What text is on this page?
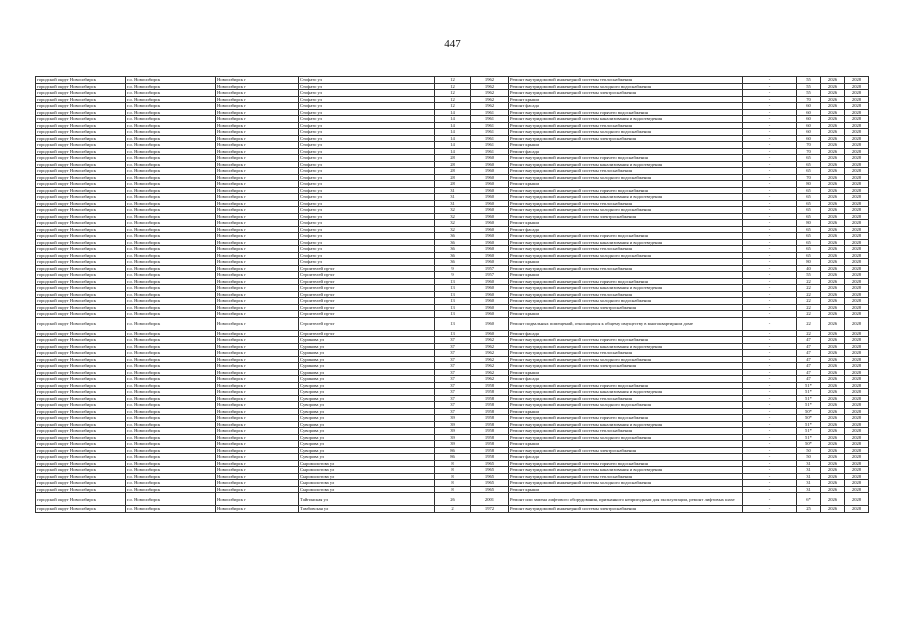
447
городской округ Новосибирск	г.о. Новосибирск	Новосибирск г	Стофато ул	12	1962	Ремонт внутридомовой инженерной системы теплоснабжения	-	55	2026	2028
городской округ Новосибирск	г.о. Новосибирск	Новосибирск г	Стофато ул	12	1962	Ремонт внутридомовой инженерной системы холодного водоснабжения	-	55	2026	2028
городской округ Новосибирск	г.о. Новосибирск	Новосибирск г	Стофато ул	12	1962	Ремонт внутридомовой инженерной системы электроснабжения	-	55	2026	2028
городской округ Новосибирск	г.о. Новосибирск	Новосибирск г	Стофато ул	12	1962	Ремонт крыши	-	70	2026	2028
городской округ Новосибирск	г.о. Новосибирск	Новосибирск г	Стофато ул	12	1962	Ремонт фасада	-	60	2026	2028
городской округ Новосибирск	г.о. Новосибирск	Новосибирск г	Стофато ул	14	1961	Ремонт внутридомовой инженерной системы горячего водоснабжения	-	60	2026	2028
городской округ Новосибирск	г.о. Новосибирск	Новосибирск г	Стофато ул	14	1961	Ремонт внутридомовой инженерной системы канализования и водоотведения	-	60	2026	2028
городской округ Новосибирск	г.о. Новосибирск	Новосибирск г	Стофато ул	14	1961	Ремонт внутридомовой инженерной системы теплоснабжения	-	60	2026	2028
городской округ Новосибирск	г.о. Новосибирск	Новосибирск г	Стофато ул	14	1961	Ремонт внутридомовой инженерной системы холодного водоснабжения	-	60	2026	2028
городской округ Новосибирск	г.о. Новосибирск	Новосибирск г	Стофато ул	14	1961	Ремонт внутридомовой инженерной системы электроснабжения	-	60	2026	2028
городской округ Новосибирск	г.о. Новосибирск	Новосибирск г	Стофато ул	14	1961	Ремонт крыши	-	70	2026	2028
городской округ Новосибирск	г.о. Новосибирск	Новосибирск г	Стофато ул	14	1961	Ремонт фасада	-	70	2026	2028
городской округ Новосибирск	г.о. Новосибирск	Новосибирск г	Стофато ул	28	1960	Ремонт внутридомовой инженерной системы горячего водоснабжения	-	65	2026	2028
городской округ Новосибирск	г.о. Новосибирск	Новосибирск г	Стофато ул	28	1960	Ремонт внутридомовой инженерной системы канализования и водоотведения	-	65	2026	2028
городской округ Новосибирск	г.о. Новосибирск	Новосибирск г	Стофато ул	28	1960	Ремонт внутридомовой инженерной системы теплоснабжения	-	65	2026	2028
городской округ Новосибирск	г.о. Новосибирск	Новосибирск г	Стофато ул	28	1960	Ремонт внутридомовой инженерной системы холодного водоснабжения	-	70	2026	2028
городской округ Новосибирск	г.о. Новосибирск	Новосибирск г	Стофато ул	28	1960	Ремонт крыши	-	80	2026	2028
городской округ Новосибирск	г.о. Новосибирск	Новосибирск г	Стофато ул	31	1960	Ремонт внутридомовой инженерной системы горячего водоснабжения	-	65	2026	2028
городской округ Новосибирск	г.о. Новосибирск	Новосибирск г	Стофато ул	31	1960	Ремонт внутридомовой инженерной системы канализования и водоотведения	-	65	2026	2028
городской округ Новосибирск	г.о. Новосибирск	Новосибирск г	Стофато ул	31	1960	Ремонт внутридомовой инженерной системы теплоснабжения	-	65	2026	2028
городской округ Новосибирск	г.о. Новосибирск	Новосибирск г	Стофато ул	32	1960	Ремонт внутридомовой инженерной системы холодного водоснабжения	-	65	2026	2028
городской округ Новосибирск	г.о. Новосибирск	Новосибирск г	Стофато ул	32	1960	Ремонт внутридомовой инженерной системы электроснабжения	-	65	2026	2028
городской округ Новосибирск	г.о. Новосибирск	Новосибирск г	Стофато ул	32	1960	Ремонт крыши	-	80	2026	2028
городской округ Новосибирск	г.о. Новосибирск	Новосибирск г	Стофато ул	32	1960	Ремонт фасада	-	65	2026	2028
городской округ Новосибирск	г.о. Новосибирск	Новосибирск г	Стофато ул	36	1960	Ремонт внутридомовой инженерной системы горячего водоснабжения	-	65	2026	2028
городской округ Новосибирск	г.о. Новосибирск	Новосибирск г	Стофато ул	36	1960	Ремонт внутридомовой инженерной системы канализования и водоотведения	-	65	2026	2028
городской округ Новосибирск	г.о. Новосибирск	Новосибирск г	Стофато ул	36	1960	Ремонт внутридомовой инженерной системы теплоснабжения	-	65	2026	2028
городской округ Новосибирск	г.о. Новосибирск	Новосибирск г	Стофато ул	36	1960	Ремонт внутридомовой инженерной системы холодного водоснабжения	-	65	2026	2028
городской округ Новосибирск	г.о. Новосибирск	Новосибирск г	Стофато ул	36	1960	Ремонт крыши	-	80	2026	2028
городской округ Новосибирск	г.о. Новосибирск	Новосибирск г	Строителей пр-кт	9	1957	Ремонт внутридомовой инженерной системы теплоснабжения	-	40	2026	2028
городской округ Новосибирск	г.о. Новосибирск	Новосибирск г	Строителей пр-кт	9	1957	Ремонт крыши	-	55	2026	2028
городской округ Новосибирск	г.о. Новосибирск	Новосибирск г	Строителей пр-кт	13	1960	Ремонт внутридомовой инженерной системы горячего водоснабжения	-	22	2026	2028
городской округ Новосибирск	г.о. Новосибирск	Новосибирск г	Строителей пр-кт	13	1960	Ремонт внутридомовой инженерной системы канализования и водоотведения	-	22	2026	2028
городской округ Новосибирск	г.о. Новосибирск	Новосибирск г	Строителей пр-кт	13	1960	Ремонт внутридомовой инженерной системы теплоснабжения	-	22	2026	2028
городской округ Новосибирск	г.о. Новосибирск	Новосибирск г	Строителей пр-кт	13	1960	Ремонт внутридомовой инженерной системы холодного водоснабжения	-	22	2026	2028
городской округ Новосибирск	г.о. Новосибирск	Новосибирск г	Строителей пр-кт	13	1960	Ремонт внутридомовой инженерной системы электроснабжения	-	22	2026	2028
городской округ Новосибирск	г.о. Новосибирск	Новосибирск г	Строителей пр-кт	13	1960	Ремонт крыши	-	22	2026	2028
городской округ Новосибирск	г.о. Новосибирск	Новосибирск г	Строителей пр-кт	13	1960	Ремонт подвальных помещений, относящихся к общему имуществу в многоквартирном доме	-	22	2026	2028
городской округ Новосибирск	г.о. Новосибирск	Новосибирск г	Строителей пр-кт	13	1960	Ремонт фасада	-	22	2026	2028
городской округ Новосибирск	г.о. Новосибирск	Новосибирск г	Сурикова ул	37	1962	Ремонт внутридомовой инженерной системы горячего водоснабжения	-	47	2026	2028
городской округ Новосибирск	г.о. Новосибирск	Новосибирск г	Сурикова ул	37	1962	Ремонт внутридомовой инженерной системы канализования и водоотведения	-	47	2026	2028
городской округ Новосибирск	г.о. Новосибирск	Новосибирск г	Сурикова ул	37	1962	Ремонт внутридомовой инженерной системы теплоснабжения	-	47	2026	2028
городской округ Новосибирск	г.о. Новосибирск	Новосибирск г	Сурикова ул	37	1962	Ремонт внутридомовой инженерной системы холодного водоснабжения	-	47	2026	2028
городской округ Новосибирск	г.о. Новосибирск	Новосибирск г	Сурикова ул	37	1962	Ремонт внутридомовой инженерной системы электроснабжения	-	47	2026	2028
городской округ Новосибирск	г.о. Новосибирск	Новосибирск г	Сурикова ул	37	1962	Ремонт крыши	-	47	2026	2028
городской округ Новосибирск	г.о. Новосибирск	Новосибирск г	Сурикова ул	37	1962	Ремонт фасада	-	47	2026	2028
городской округ Новосибирск	г.о. Новосибирск	Новосибирск г	Суворова ул	37	1958	Ремонт внутридомовой инженерной системы горячего водоснабжения	-	51*	2026	2028
городской округ Новосибирск	г.о. Новосибирск	Новосибирск г	Суворова ул	37	1958	Ремонт внутридомовой инженерной системы канализования и водоотведения	-	51*	2026	2028
городской округ Новосибирск	г.о. Новосибирск	Новосибирск г	Суворова ул	37	1958	Ремонт внутридомовой инженерной системы теплоснабжения	-	51*	2026	2028
городской округ Новосибирск	г.о. Новосибирск	Новосибирск г	Суворова ул	37	1958	Ремонт внутридомовой инженерной системы холодного водоснабжения	-	51*	2026	2028
городской округ Новосибирск	г.о. Новосибирск	Новосибирск г	Суворова ул	37	1958	Ремонт крыши	-	50*	2026	2028
городской округ Новосибирск	г.о. Новосибирск	Новосибирск г	Суворова ул	39	1958	Ремонт внутридомовой инженерной системы горячего водоснабжения	-	50*	2026	2028
городской округ Новосибирск	г.о. Новосибирск	Новосибирск г	Суворова ул	39	1958	Ремонт внутридомовой инженерной системы канализования и водоотведения	-	51*	2026	2028
городской округ Новосибирск	г.о. Новосибирск	Новосибирск г	Суворова ул	39	1958	Ремонт внутридомовой инженерной системы теплоснабжения	-	51*	2026	2028
городской округ Новосибирск	г.о. Новосибирск	Новосибирск г	Суворова ул	39	1958	Ремонт внутридомовой инженерной системы холодного водоснабжения	-	51*	2026	2028
городской округ Новосибирск	г.о. Новосибирск	Новосибирск г	Суворова ул	39	1958	Ремонт крыши	-	50*	2026	2028
городской округ Новосибирск	г.о. Новосибирск	Новосибирск г	Суворова ул	86	1958	Ремонт внутридомовой инженерной системы электроснабжения	-	50	2026	2028
городской округ Новосибирск	г.о. Новосибирск	Новосибирск г	Суворова ул	86	1958	Ремонт фасада	-	50	2026	2028
городской округ Новосибирск	г.о. Новосибирск	Новосибирск г	Сыромолотова ул	8	1965	Ремонт внутридомовой инженерной системы горячего водоснабжения	-	31	2026	2028
городской округ Новосибирск	г.о. Новосибирск	Новосибирск г	Сыромолотова ул	8	1965	Ремонт внутридомовой инженерной системы канализования и водоотведения	-	31	2026	2028
городской округ Новосибирск	г.о. Новосибирск	Новосибирск г	Сыромолотова ул	8	1965	Ремонт внутридомовой инженерной системы теплоснабжения	-	31	2026	2028
городской округ Новосибирск	г.о. Новосибирск	Новосибирск г	Сыромолотова ул	8	1965	Ремонт внутридомовой инженерной системы холодного водоснабжения	-	31	2026	2028
городской округ Новосибирск	г.о. Новосибирск	Новосибирск г	Сыромолотова ул	8	1965	Ремонт крыши	-	31	2026	2028
городской округ Новосибирск	г.о. Новосибирск	Новосибирск г	Тайгинская ул	26	2001	Ремонт или замена лифтового оборудования, признанного непригодным для эксплуатации, ремонт лифтовых шахт	-	6*	2026	2028
городской округ Новосибирск	г.о. Новосибирск	Новосибирск г	Тамбовская ул	2	1972	Ремонт внутридомовой инженерной системы электроснабжения	-	25	2026	2028
